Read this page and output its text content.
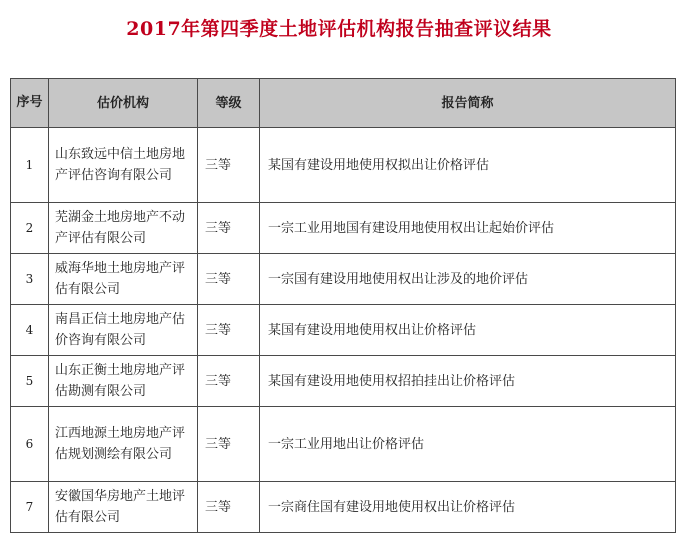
2017年第四季度土地评估机构报告抽查评议结果
序号	估价机构	等级	报告简称
1	山东致远中信土地房地产评估咨询有限公司	三等	某国有建设用地使用权拟出让价格评估
2	芜湖金土地房地产不动产评估有限公司	三等	一宗工业用地国有建设用地使用权出让起始价评估
3	威海华地土地房地产评估有限公司	三等	一宗国有建设用地使用权出让涉及的地价评估
4	南昌正信土地房地产估价咨询有限公司	三等	某国有建设用地使用权出让价格评估
5	山东正衡土地房地产评估勘测有限公司	三等	某国有建设用地使用权招拍挂出让价格评估
6	江西地源土地房地产评估规划测绘有限公司	三等	一宗工业用地出让价格评估
7	安徽国华房地产土地评估有限公司	三等	一宗商住国有建设用地使用权出让价格评估
